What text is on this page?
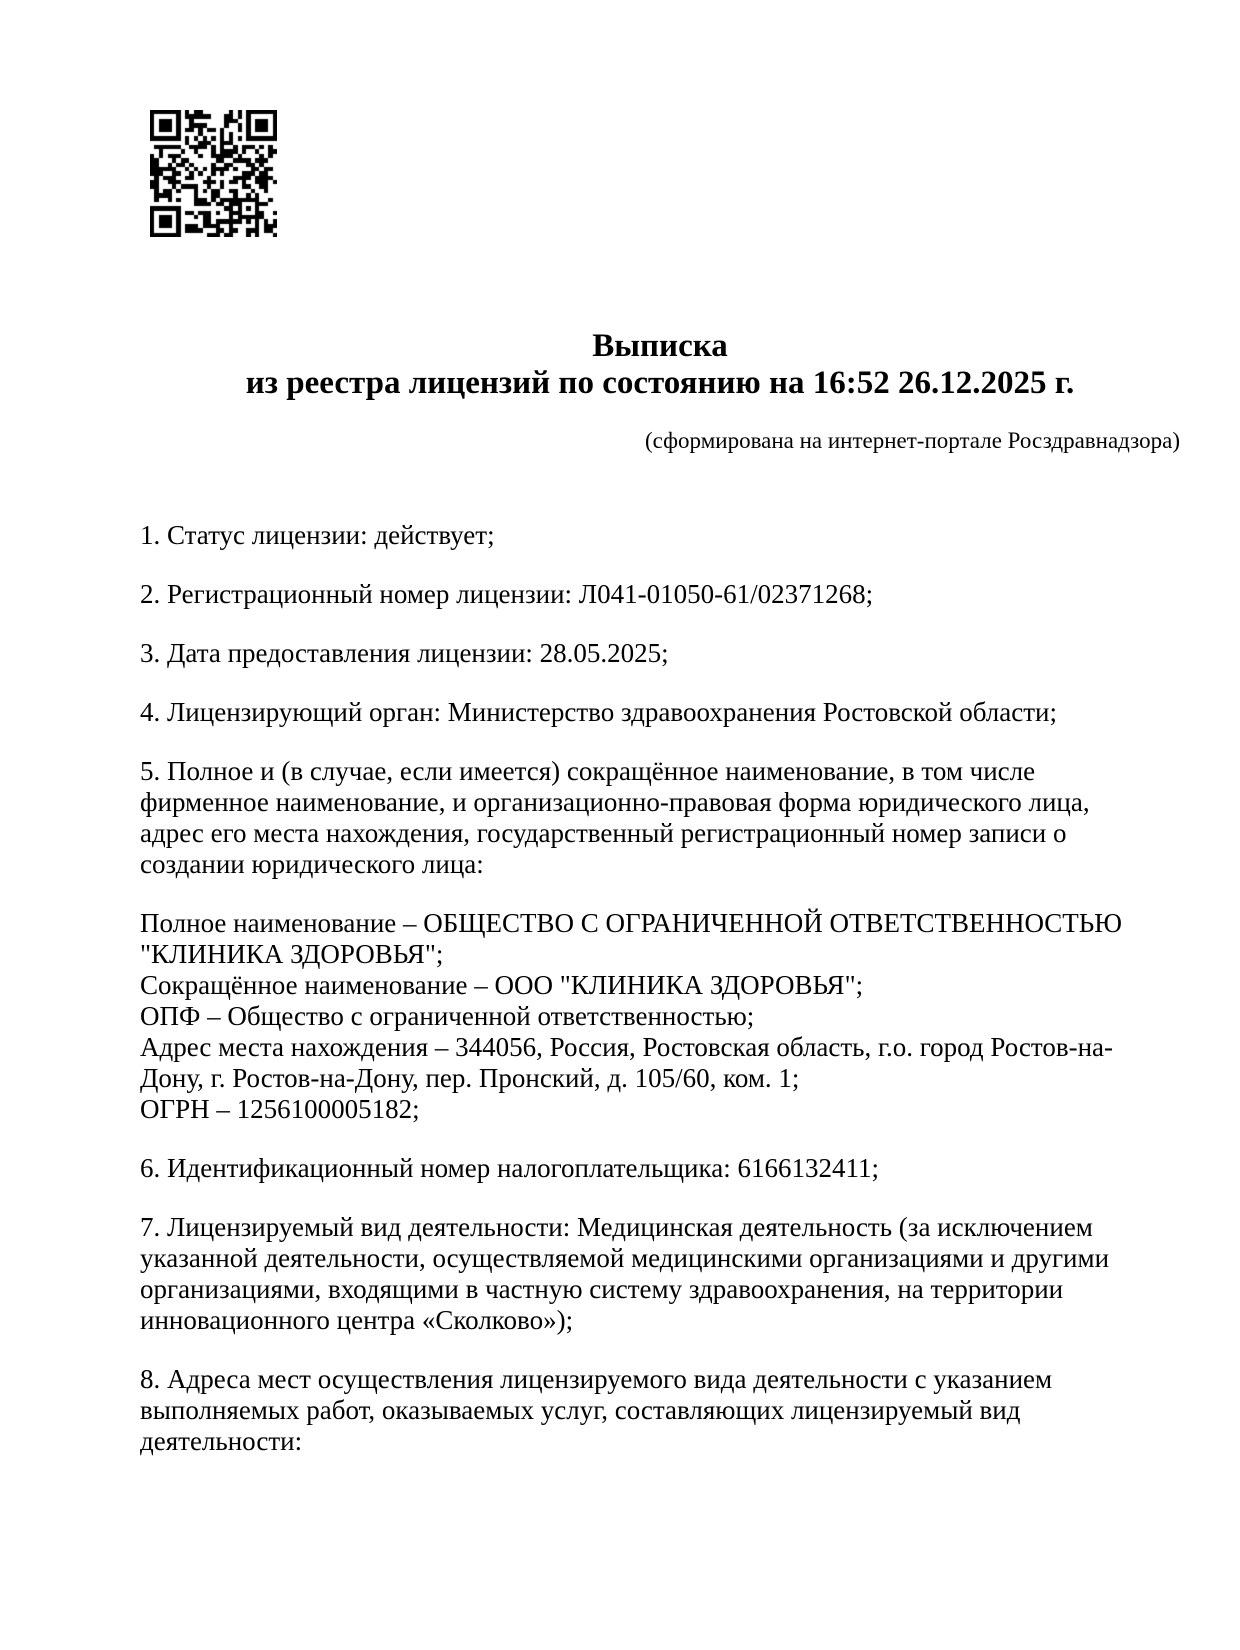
Выписка
из реестра лицензий по состоянию на 16:52 26.12.2025 г.
(сформирована на интернет-портале Росздравнадзора)

1. Статус лицензии: действует;

2. Регистрационный номер лицензии: Л041-01050-61/02371268;

3. Дата предоставления лицензии: 28.05.2025;

4. Лицензирующий орган: Министерство здравоохранения Ростовской области;

5. Полное и (в случае, если имеется) сокращённое наименование, в том числе фирменное наименование, и организационно-правовая форма юридического лица, адрес его места нахождения, государственный регистрационный номер записи о создании юридического лица:

Полное наименование – ОБЩЕСТВО С ОГРАНИЧЕННОЙ ОТВЕТСТВЕННОСТЬЮ "КЛИНИКА ЗДОРОВЬЯ";
Сокращённое наименование – ООО "КЛИНИКА ЗДОРОВЬЯ";
ОПФ – Общество с ограниченной ответственностью;
Адрес места нахождения – 344056, Россия, Ростовская область, г.о. город Ростов-на-Дону, г. Ростов-на-Дону, пер. Пронский, д. 105/60, ком. 1;
ОГРН – 1256100005182;

6. Идентификационный номер налогоплательщика: 6166132411;

7. Лицензируемый вид деятельности: Медицинская деятельность (за исключением указанной деятельности, осуществляемой медицинскими организациями и другими организациями, входящими в частную систему здравоохранения, на территории инновационного центра «Сколково»);

8. Адреса мест осуществления лицензируемого вида деятельности с указанием выполняемых работ, оказываемых услуг, составляющих лицензируемый вид деятельности:
